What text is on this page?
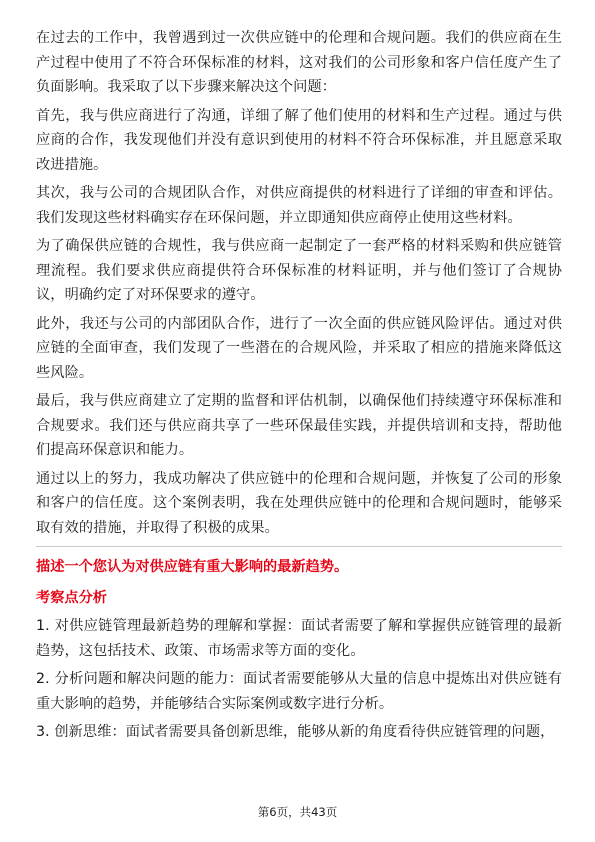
在过去的工作中，我曾遇到过一次供应链中的伦理和合规问题。我们的供应商在生产过程中使用了不符合环保标准的材料，这对我们的公司形象和客户信任度产生了负面影响。我采取了以下步骤来解决这个问题：

首先，我与供应商进行了沟通，详细了解了他们使用的材料和生产过程。通过与供应商的合作，我发现他们并没有意识到使用的材料不符合环保标准，并且愿意采取改进措施。

其次，我与公司的合规团队合作，对供应商提供的材料进行了详细的审查和评估。我们发现这些材料确实存在环保问题，并立即通知供应商停止使用这些材料。

为了确保供应链的合规性，我与供应商一起制定了一套严格的材料采购和供应链管理流程。我们要求供应商提供符合环保标准的材料证明，并与他们签订了合规协议，明确约定了对环保要求的遵守。

此外，我还与公司的内部团队合作，进行了一次全面的供应链风险评估。通过对供应链的全面审查，我们发现了一些潜在的合规风险，并采取了相应的措施来降低这些风险。

最后，我与供应商建立了定期的监督和评估机制，以确保他们持续遵守环保标准和合规要求。我们还与供应商共享了一些环保最佳实践，并提供培训和支持，帮助他们提高环保意识和能力。

通过以上的努力，我成功解决了供应链中的伦理和合规问题，并恢复了公司的形象和客户的信任度。这个案例表明，我在处理供应链中的伦理和合规问题时，能够采取有效的措施，并取得了积极的成果。

描述一个您认为对供应链有重大影响的最新趋势。

考察点分析

1. 对供应链管理最新趋势的理解和掌握：面试者需要了解和掌握供应链管理的最新趋势，这包括技术、政策、市场需求等方面的变化。

2. 分析问题和解决问题的能力：面试者需要能够从大量的信息中提炼出对供应链有重大影响的趋势，并能够结合实际案例或数字进行分析。

3. 创新思维：面试者需要具备创新思维，能够从新的角度看待供应链管理的问题，

第6页，共43页
